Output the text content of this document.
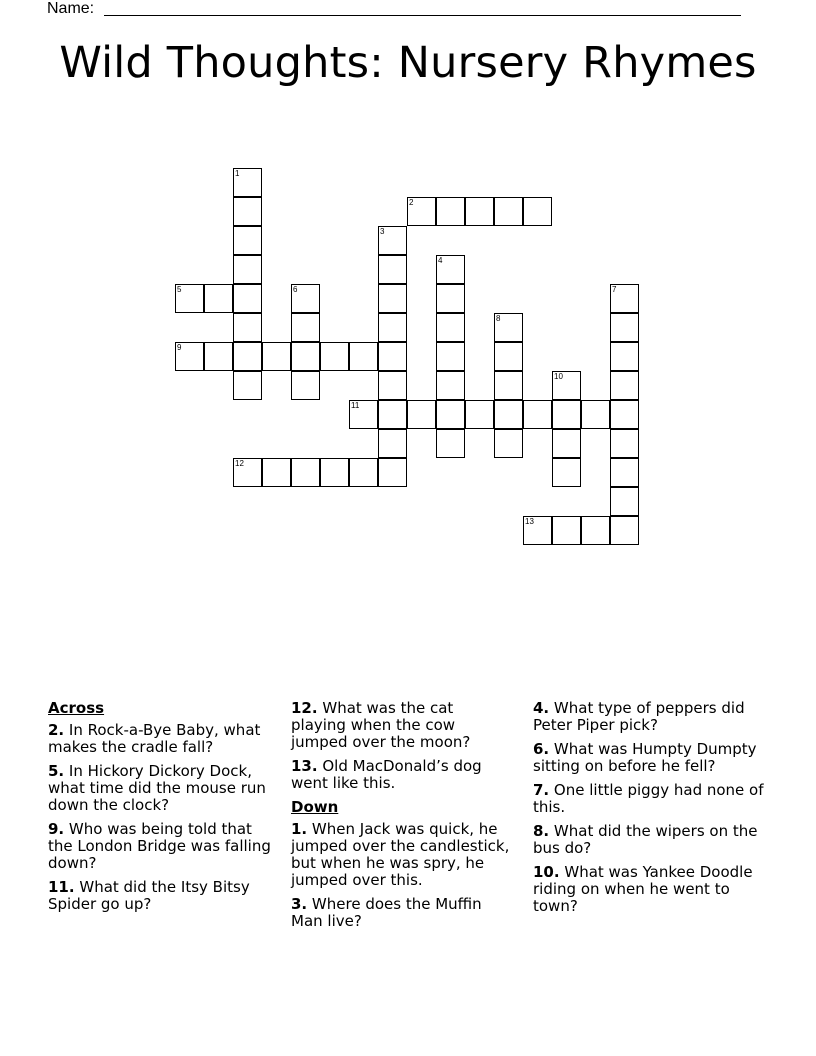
Name:
Wild Thoughts: Nursery Rhymes
1
2
3
4
5	6	7
8
9
10
11
12
13
Across
2. In Rock-a-Bye Baby, what makes the cradle fall?
5. In Hickory Dickory Dock, what time did the mouse run down the clock?
9. Who was being told that the London Bridge was falling down?
11. What did the Itsy Bitsy Spider go up?
12. What was the cat playing when the cow jumped over the moon?
13. Old MacDonald’s dog went like this.
Down
1. When Jack was quick, he jumped over the candlestick, but when he was spry, he jumped over this.
3. Where does the Muffin Man live?
4. What type of peppers did Peter Piper pick?
6. What was Humpty Dumpty sitting on before he fell?
7. One little piggy had none of this.
8. What did the wipers on the bus do?
10. What was Yankee Doodle riding on when he went to town?
